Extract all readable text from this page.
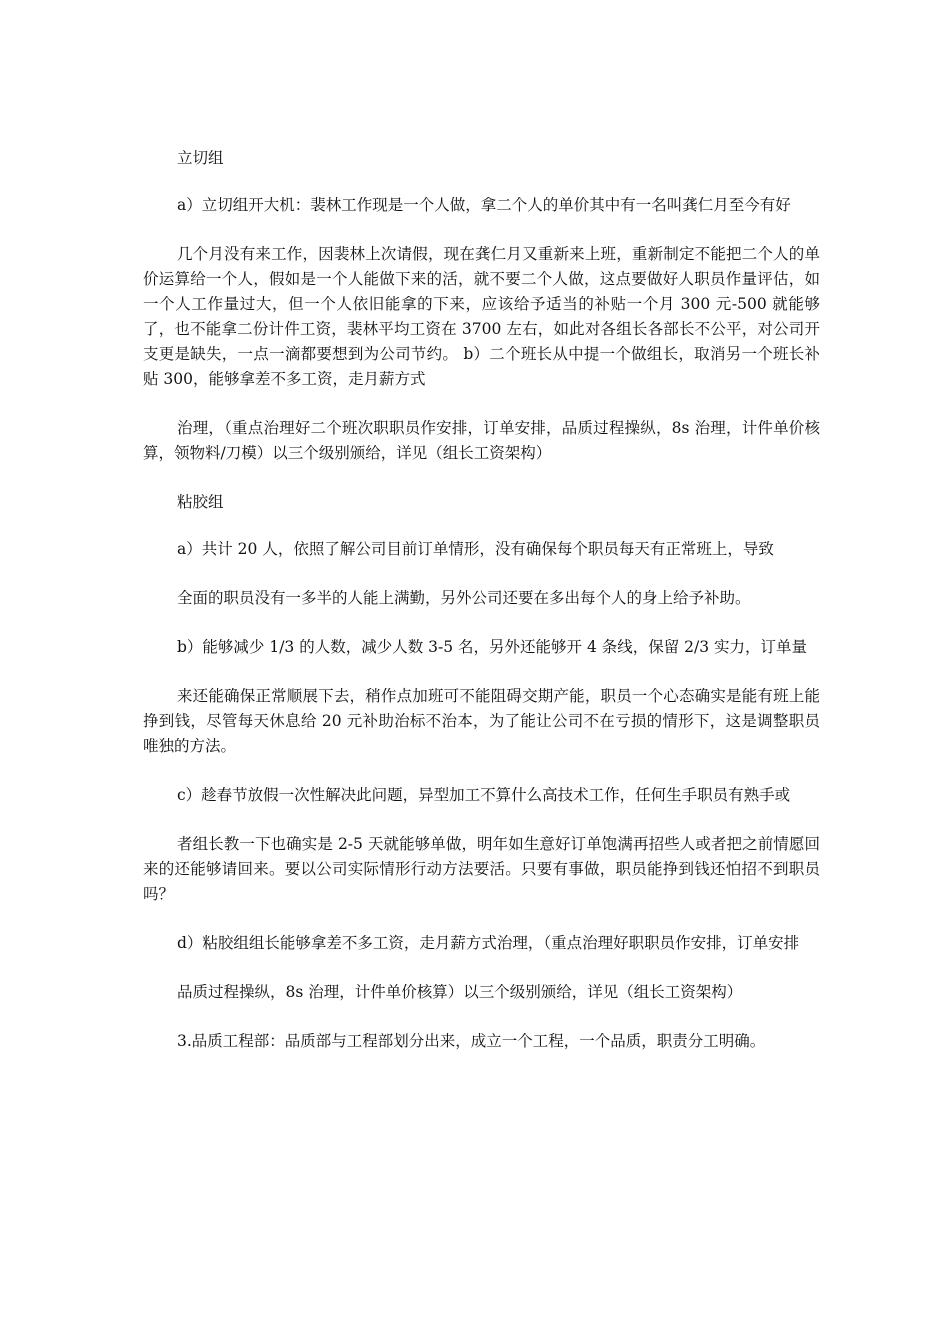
立切组

a）立切组开大机：裴林工作现是一个人做，拿二个人的单价其中有一名叫龚仁月至今有好

几个月没有来工作，因裴林上次请假，现在龚仁月又重新来上班，重新制定不能把二个人的单价运算给一个人，假如是一个人能做下来的活，就不要二个人做，这点要做好人职员作量评估，如一个人工作量过大，但一个人依旧能拿的下来，应该给予适当的补贴一个月 300 元-500 就能够了，也不能拿二份计件工资，裴林平均工资在 3700 左右，如此对各组长各部长不公平，对公司开支更是缺失，一点一滴都要想到为公司节约。 b）二个班长从中提一个做组长，取消另一个班长补贴 300，能够拿差不多工资，走月薪方式

治理，（重点治理好二个班次职职员作安排，订单安排，品质过程操纵，8s 治理，计件单价核算，领物料/刀模）以三个级别颁给，详见（组长工资架构）

粘胶组

a）共计 20 人，依照了解公司目前订单情形，没有确保每个职员每天有正常班上，导致

全面的职员没有一多半的人能上满勤，另外公司还要在多出每个人的身上给予补助。

b）能够减少 1/3 的人数，减少人数 3-5 名，另外还能够开 4 条线，保留 2/3 实力，订单量

来还能确保正常顺展下去，稍作点加班可不能阻碍交期产能，职员一个心态确实是能有班上能挣到钱，尽管每天休息给 20 元补助治标不治本，为了能让公司不在亏损的情形下，这是调整职员唯独的方法。

c）趁春节放假一次性解决此问题，异型加工不算什么高技术工作，任何生手职员有熟手或

者组长教一下也确实是 2-5 天就能够单做，明年如生意好订单饱满再招些人或者把之前情愿回来的还能够请回来。要以公司实际情形行动方法要活。只要有事做，职员能挣到钱还怕招不到职员吗？

d）粘胶组组长能够拿差不多工资，走月薪方式治理，（重点治理好职职员作安排，订单安排

品质过程操纵，8s 治理，计件单价核算）以三个级别颁给，详见（组长工资架构）

3.品质工程部：品质部与工程部划分出来，成立一个工程，一个品质，职责分工明确。
